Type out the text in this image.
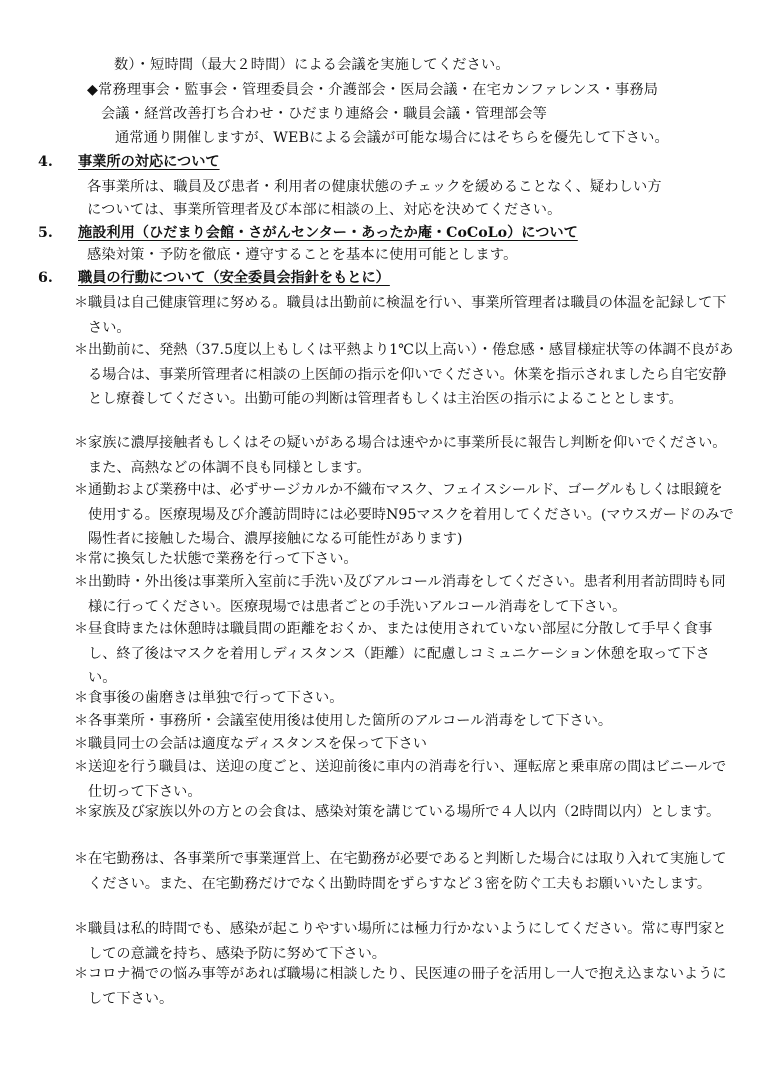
数）・短時間（最大２時間）による会議を実施してください。
◆常務理事会・監事会・管理委員会・介護部会・医局会議・在宅カンファレンス・事務局
会議・経営改善打ち合わせ・ひだまり連絡会・職員会議・管理部会等
通常通り開催しますが、WEBによる会議が可能な場合にはそちらを優先して下さい。
4. 事業所の対応について
各事業所は、職員及び患者・利用者の健康状態のチェックを緩めることなく、疑わしい方
については、事業所管理者及び本部に相談の上、対応を決めてください。
5. 施設利用（ひだまり会館・さがんセンター・あったか庵・CoCoLo）について
感染対策・予防を徹底・遵守することを基本に使用可能とします。
6. 職員の行動について（安全委員会指針をもとに）
＊ 職員は自己健康管理に努める。職員は出勤前に検温を行い、事業所管理者は職員の体温を記録して下さい。
＊ 出勤前に、発熱（37.5度以上もしくは平熱より1℃以上高い）・倦怠感・感冒様症状等の体調不良がある場合は、事業所管理者に相談の上医師の指示を仰いでください。休業を指示されましたら自宅安静とし療養してください。出勤可能の判断は管理者もしくは主治医の指示によることとします。
＊ 家族に濃厚接触者もしくはその疑いがある場合は速やかに事業所長に報告し判断を仰いでください。また、高熱などの体調不良も同様とします。
＊ 通勤および業務中は、必ずサージカルか不織布マスク、フェイスシールド、ゴーグルもしくは眼鏡を使用する。医療現場及び介護訪問時には必要時N95マスクを着用してください。(マウスガードのみで陽性者に接触した場合、濃厚接触になる可能性があります)
＊ 常に換気した状態で業務を行って下さい。
＊ 出勤時・外出後は事業所入室前に手洗い及びアルコール消毒をしてください。患者利用者訪問時も同様に行ってください。医療現場では患者ごとの手洗いアルコール消毒をして下さい。
＊ 昼食時または休憩時は職員間の距離をおくか、または使用されていない部屋に分散して手早く食事し、終了後はマスクを着用しディスタンス（距離）に配慮しコミュニケーション休憩を取って下さい。
＊ 食事後の歯磨きは単独で行って下さい。
＊ 各事業所・事務所・会議室使用後は使用した箇所のアルコール消毒をして下さい。
＊ 職員同士の会話は適度なディスタンスを保って下さい
＊ 送迎を行う職員は、送迎の度ごと、送迎前後に車内の消毒を行い、運転席と乗車席の間はビニールで仕切って下さい。
＊ 家族及び家族以外の方との会食は、感染対策を講じている場所で４人以内（2時間以内）とします。
＊ 在宅勤務は、各事業所で事業運営上、在宅勤務が必要であると判断した場合には取り入れて実施してください。また、在宅勤務だけでなく出勤時間をずらすなど３密を防ぐ工夫もお願いいたします。
＊ 職員は私的時間でも、感染が起こりやすい場所には極力行かないようにしてください。常に専門家としての意識を持ち、感染予防に努めて下さい。
＊ コロナ禍での悩み事等があれば職場に相談したり、民医連の冊子を活用し一人で抱え込まないようにして下さい。
